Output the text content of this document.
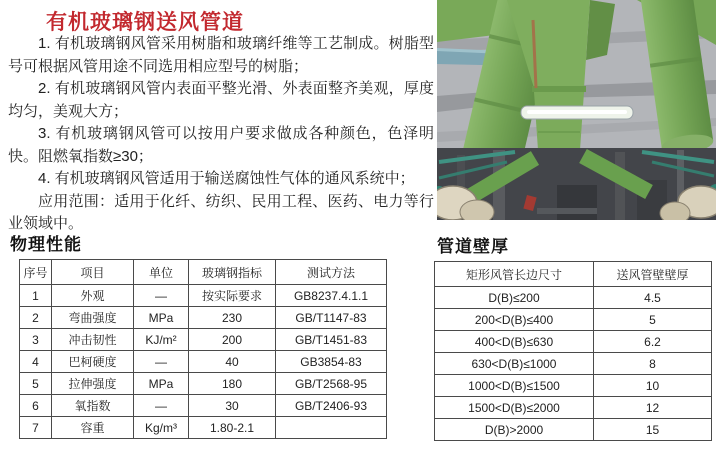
有机玻璃钢送风管道

1. 有机玻璃钢风管采用树脂和玻璃纤维等工艺制成。树脂型号可根据风管用途不同选用相应型号的树脂；

2. 有机玻璃钢风管内表面平整光滑、外表面整齐美观，厚度均匀，美观大方；

3. 有机玻璃钢风管可以按用户要求做成各种颜色，色泽明快。阻燃氧指数≥30；

4. 有机玻璃钢风管适用于输送腐蚀性气体的通风系统中；

应用范围：适用于化纤、纺织、民用工程、医药、电力等行业领域中。

物理性能
序号	项目	单位	玻璃钢指标	测试方法
1	外观	—	按实际要求	GB8237.4.1.1
2	弯曲强度	MPa	230	GB/T1147-83
3	冲击韧性	KJ/m²	200	GB/T1451-83
4	巴柯硬度	—	40	GB3854-83
5	拉伸强度	MPa	180	GB/T2568-95
6	氧指数	—	30	GB/T2406-93
7	容重	Kg/m³	1.80-2.1	
管道壁厚
矩形风管长边尺寸	送风管壁壁厚
D(B)≤200	4.5
200<D(B)≤400	5
400<D(B)≤630	6.2
630<D(B)≤1000	8
1000<D(B)≤1500	10
1500<D(B)≤2000	12
D(B)>2000	15
